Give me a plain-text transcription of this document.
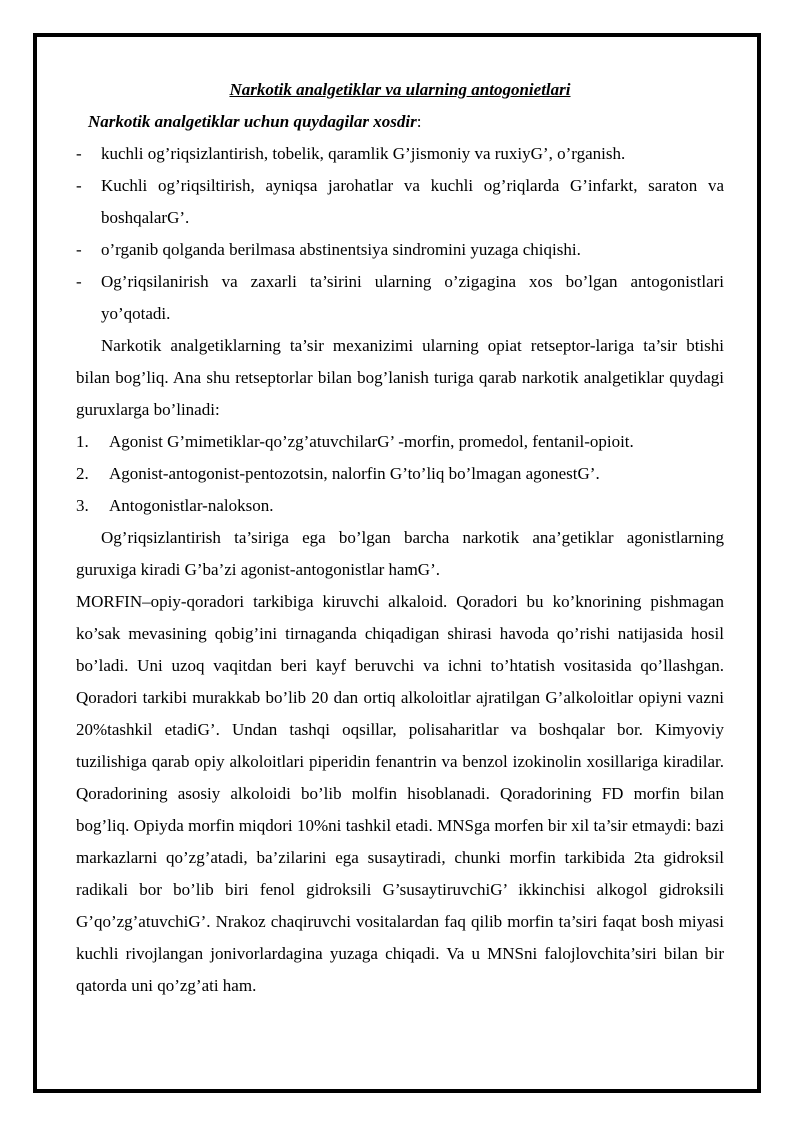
Narkotik analgetiklar va ularning antogonietlari

Narkotik analgetiklar uchun quydagilar xosdir:

- kuchli og’riqsizlantirish, tobelik, qaramlik G’jismoniy va ruxiyG’, o’rganish.
- Kuchli og’riqsiltirish, ayniqsa jarohatlar va kuchli og’riqlarda G’infarkt, saraton va boshqalarG’.
- o’rganib qolganda berilmasa abstinentsiya sindromini yuzaga chiqishi.
- Og’riqsilanirish va zaxarli ta’sirini ularning o’zigagina xos bo’lgan antogonistlari yo’qotadi.

Narkotik analgetiklarning ta’sir mexanizimi ularning opiat retseptor-lariga ta’sir btishi bilan bog’liq. Ana shu retseptorlar bilan bog’lanish turiga qarab narkotik analgetiklar quydagi guruxlarga bo’linadi:

1. Agonist G’mimetiklar-qo’zg’atuvchilarG’ -morfin, promedol, fentanil-opioit.
2. Agonist-antogonist-pentozotsin, nalorfin G’to’liq bo’lmagan agonestG’.
3. Antogonistlar-nalokson.

Og’riqsizlantirish ta’siriga ega bo’lgan barcha narkotik ana’getiklar agonistlarning guruxiga kiradi G’ba’zi agonist-antogonistlar hamG’.

MORFIN–opiy-qoradori tarkibiga kiruvchi alkaloid. Qoradori bu ko’knorining pishmagan ko’sak mevasining qobig’ini tirnaganda chiqadigan shirasi havoda qo’rishi natijasida hosil bo’ladi. Uni uzoq vaqitdan beri kayf beruvchi va ichni to’htatish vositasida qo’llashgan. Qoradori tarkibi murakkab bo’lib 20 dan ortiq alkoloitlar ajratilgan G’alkoloitlar opiyni vazni 20%tashkil etadiG’. Undan tashqi oqsillar, polisaharitlar va boshqalar bor. Kimyoviy tuzilishiga qarab opiy alkoloitlari piperidin fenantrin va benzol izokinolin xosillariga kiradilar. Qoradorining asosiy alkoloidi bo’lib molfin hisoblanadi. Qoradorining FD morfin bilan bog’liq. Opiyda morfin miqdori 10%ni tashkil etadi. MNSga morfen bir xil ta’sir etmaydi: bazi markazlarni qo’zg’atadi, ba’zilarini ega susaytiradi, chunki morfin tarkibida 2ta gidroksil radikali bor bo’lib biri fenol gidroksili G’susaytiruvchiG’ ikkinchisi alkogol gidroksili G’qo’zg’atuvchiG’. Nrakoz chaqiruvchi vositalardan faq qilib morfin ta’siri faqat bosh miyasi kuchli rivojlangan jonivorlardagina yuzaga chiqadi. Va u MNSni falojlovchita’siri bilan bir qatorda uni qo’zg’ati ham.
